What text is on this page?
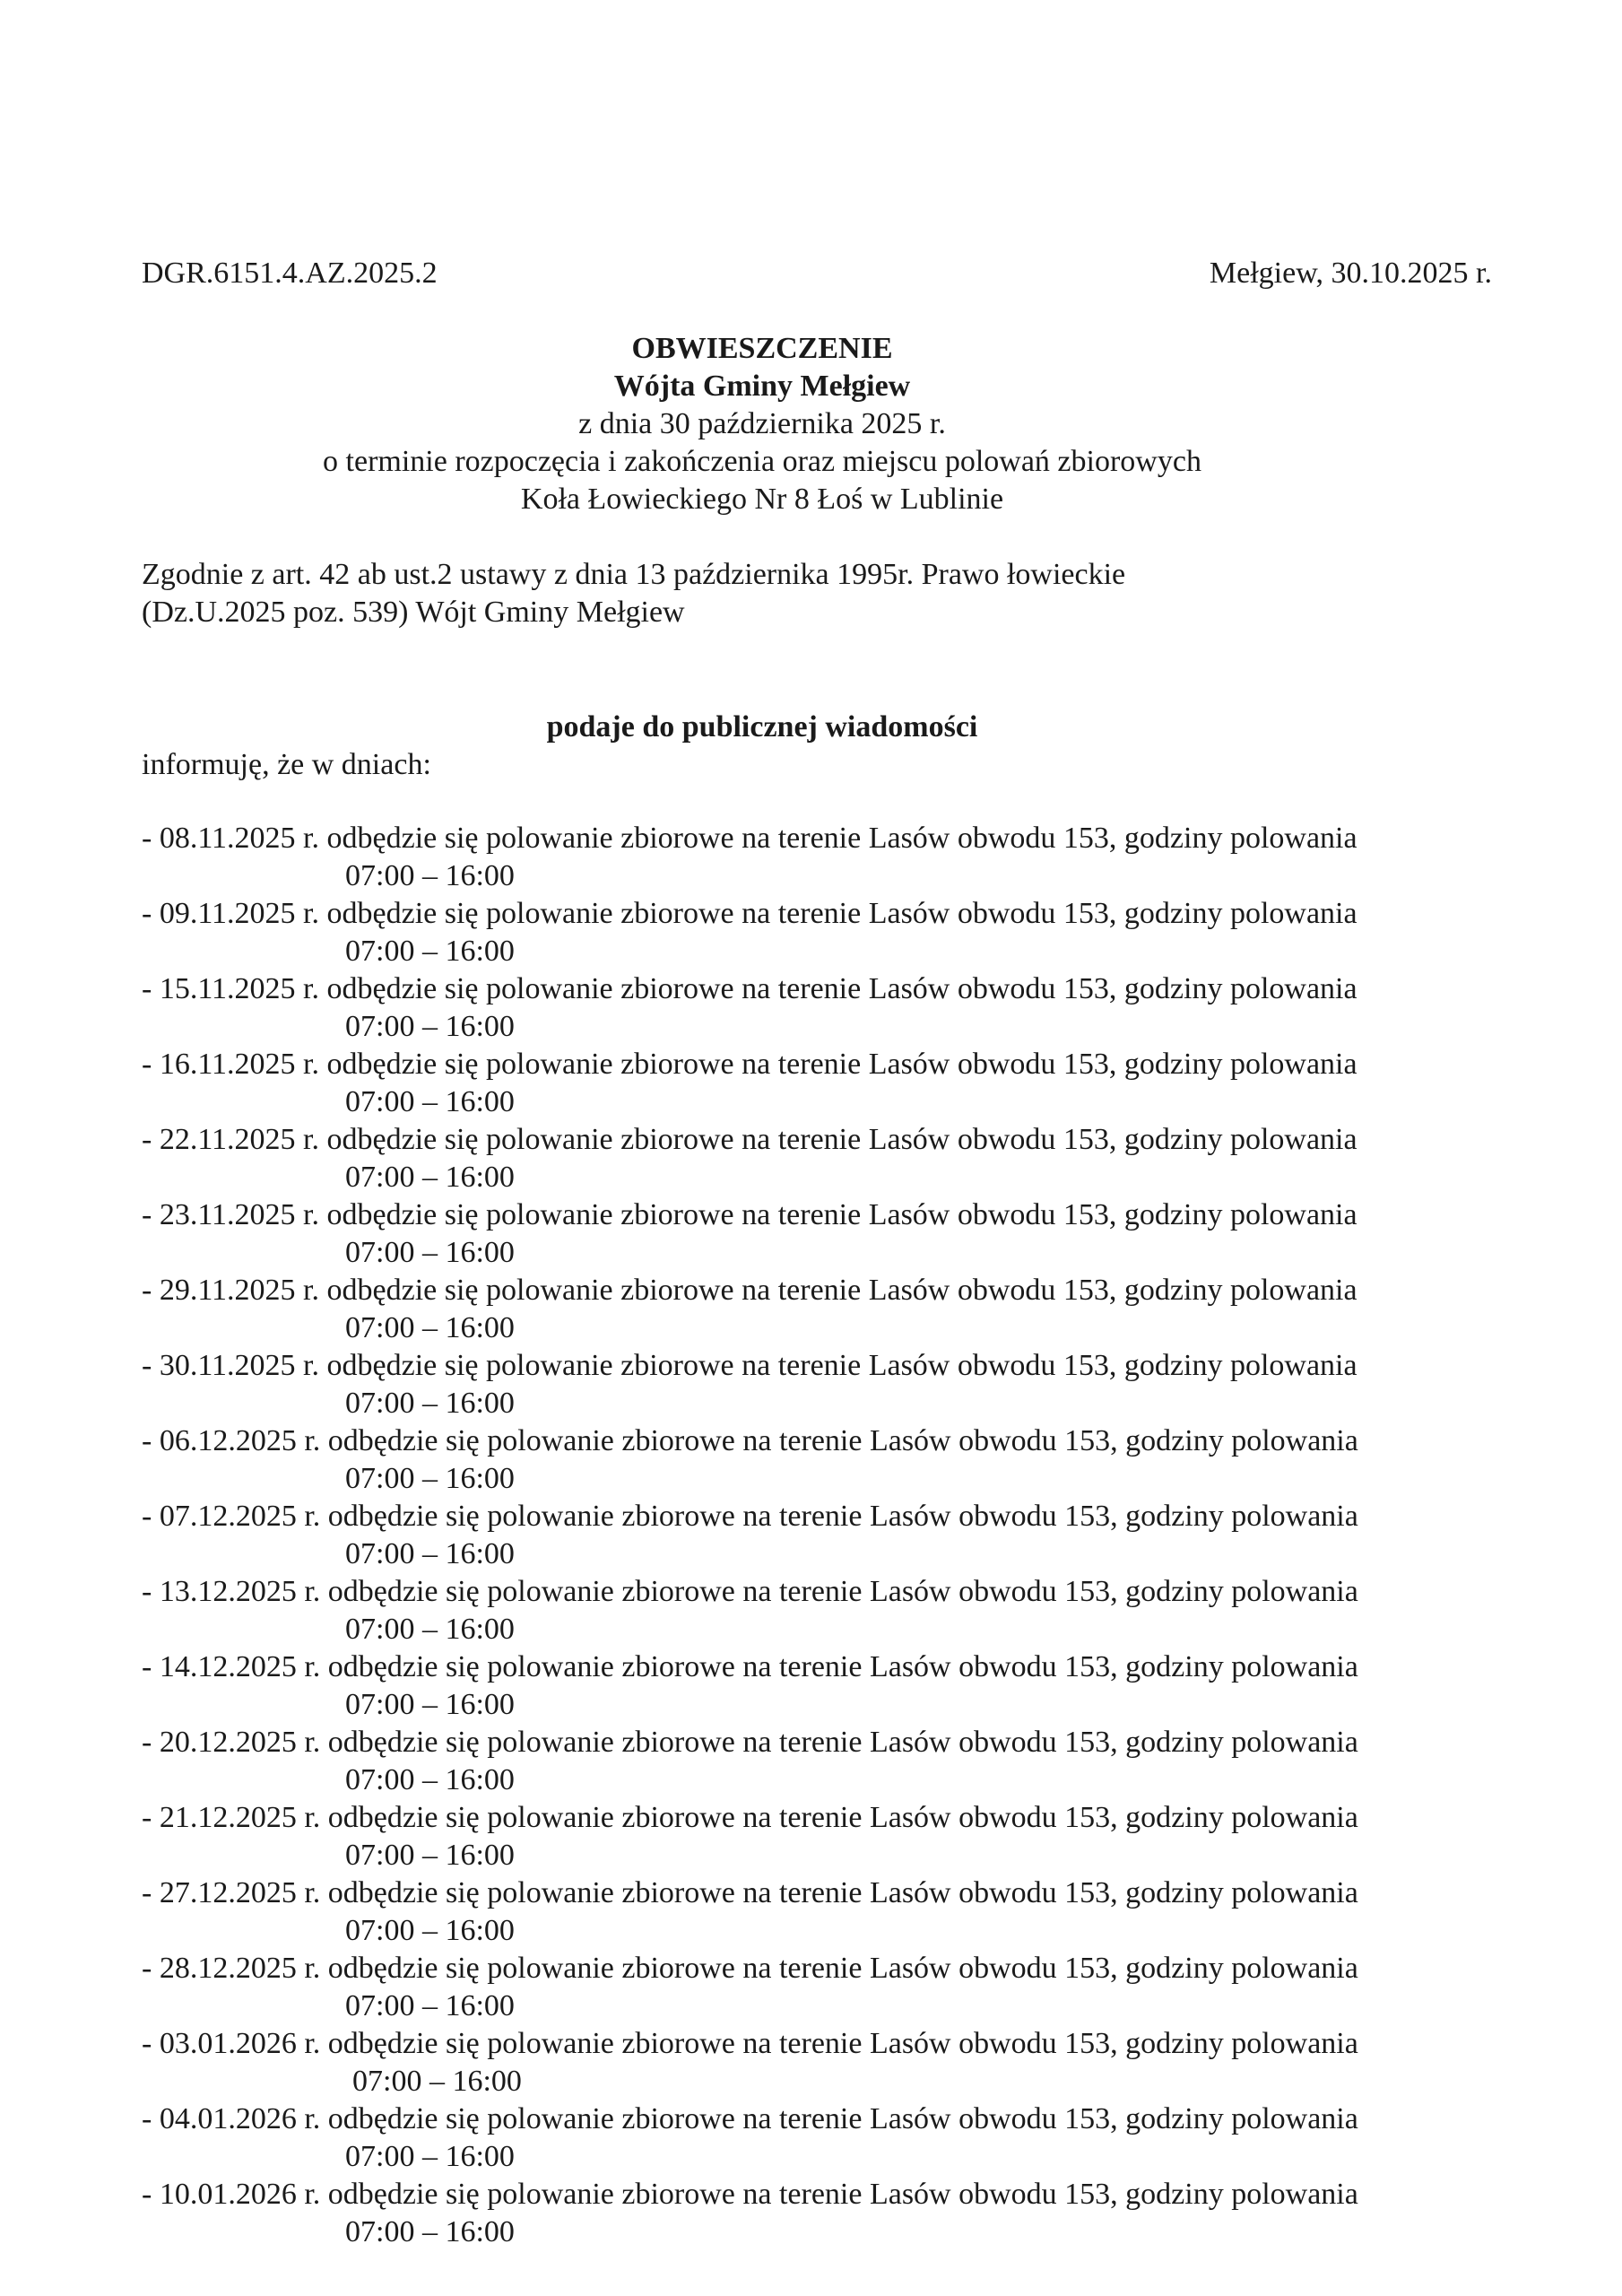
DGR.6151.4.AZ.2025.2	Mełgiew, 30.10.2025 r.
OBWIESZCZENIE
Wójta Gminy Mełgiew
z dnia 30 października 2025 r.
o terminie rozpoczęcia i zakończenia oraz miejscu polowań zbiorowych
Koła Łowieckiego Nr 8 Łoś w Lublinie
Zgodnie z art. 42 ab ust.2 ustawy z dnia 13 października 1995r. Prawo łowieckie
(Dz.U.2025 poz. 539) Wójt Gminy Mełgiew
podaje do publicznej wiadomości
informuję, że w dniach:
- 08.11.2025 r. odbędzie się polowanie zbiorowe na terenie Lasów obwodu 153, godziny polowania
07:00 – 16:00
- 09.11.2025 r. odbędzie się polowanie zbiorowe na terenie Lasów obwodu 153, godziny polowania
07:00 – 16:00
- 15.11.2025 r. odbędzie się polowanie zbiorowe na terenie Lasów obwodu 153, godziny polowania
07:00 – 16:00
- 16.11.2025 r. odbędzie się polowanie zbiorowe na terenie Lasów obwodu 153, godziny polowania
07:00 – 16:00
- 22.11.2025 r. odbędzie się polowanie zbiorowe na terenie Lasów obwodu 153, godziny polowania
07:00 – 16:00
- 23.11.2025 r. odbędzie się polowanie zbiorowe na terenie Lasów obwodu 153, godziny polowania
07:00 – 16:00
- 29.11.2025 r. odbędzie się polowanie zbiorowe na terenie Lasów obwodu 153, godziny polowania
07:00 – 16:00
- 30.11.2025 r. odbędzie się polowanie zbiorowe na terenie Lasów obwodu 153, godziny polowania
07:00 – 16:00
- 06.12.2025 r. odbędzie się polowanie zbiorowe na terenie Lasów obwodu 153, godziny polowania
07:00 – 16:00
- 07.12.2025 r. odbędzie się polowanie zbiorowe na terenie Lasów obwodu 153, godziny polowania
07:00 – 16:00
- 13.12.2025 r. odbędzie się polowanie zbiorowe na terenie Lasów obwodu 153, godziny polowania
07:00 – 16:00
- 14.12.2025 r. odbędzie się polowanie zbiorowe na terenie Lasów obwodu 153, godziny polowania
07:00 – 16:00
- 20.12.2025 r. odbędzie się polowanie zbiorowe na terenie Lasów obwodu 153, godziny polowania
07:00 – 16:00
- 21.12.2025 r. odbędzie się polowanie zbiorowe na terenie Lasów obwodu 153, godziny polowania
07:00 – 16:00
- 27.12.2025 r. odbędzie się polowanie zbiorowe na terenie Lasów obwodu 153, godziny polowania
07:00 – 16:00
- 28.12.2025 r. odbędzie się polowanie zbiorowe na terenie Lasów obwodu 153, godziny polowania
07:00 – 16:00
- 03.01.2026 r. odbędzie się polowanie zbiorowe na terenie Lasów obwodu 153, godziny polowania
07:00 – 16:00
- 04.01.2026 r. odbędzie się polowanie zbiorowe na terenie Lasów obwodu 153, godziny polowania
07:00 – 16:00
- 10.01.2026 r. odbędzie się polowanie zbiorowe na terenie Lasów obwodu 153, godziny polowania
07:00 – 16:00
